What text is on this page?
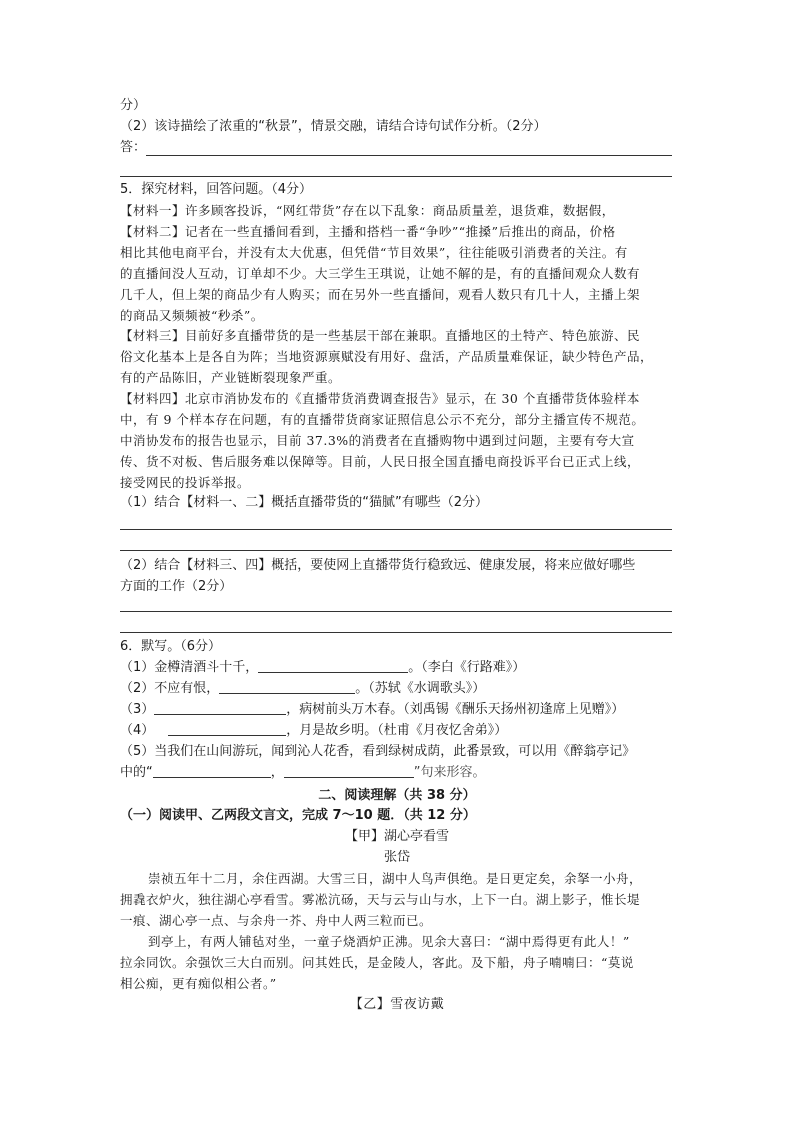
分）
（2）该诗描绘了浓重的“秋景”，情景交融，请结合诗句试作分析。（2分）
答：
5．探究材料，回答问题。（4分）
【材料一】许多顾客投诉，“网红带货”存在以下乱象：商品质量差，退货难，数据假，
【材料二】记者在一些直播间看到，主播和搭档一番“争吵”“推搡”后推出的商品，价格
相比其他电商平台，并没有太大优惠，但凭借“节目效果”，往往能吸引消费者的关注。有
的直播间没人互动，订单却不少。大三学生王琪说，让她不解的是，有的直播间观众人数有
几千人，但上架的商品少有人购买；而在另外一些直播间，观看人数只有几十人，主播上架
的商品又频频被“秒杀”。
【材料三】目前好多直播带货的是一些基层干部在兼职。直播地区的土特产、特色旅游、民
俗文化基本上是各自为阵；当地资源禀赋没有用好、盘活，产品质量难保证，缺少特色产品，
有的产品陈旧，产业链断裂现象严重。
【材料四】北京市消协发布的《直播带货消费调查报告》显示，在 30 个直播带货体验样本
中，有 9 个样本存在问题，有的直播带货商家证照信息公示不充分，部分主播宣传不规范。
中消协发布的报告也显示，目前 37.3%的消费者在直播购物中遇到过问题，主要有夸大宣
传、货不对板、售后服务难以保障等。目前，人民日报全国直播电商投诉平台已正式上线，
接受网民的投诉举报。
（1）结合【材料一、二】概括直播带货的“猫腻”有哪些（2分）
（2）结合【材料三、四】概括，要使网上直播带货行稳致远、健康发展，将来应做好哪些
方面的工作（2分）
6．默写。（6分）
（1）金樽清酒斗十千，	。（李白《行路难》）
（2）不应有恨，	。（苏轼《水调歌头》）
（3）	，病树前头万木春。（刘禹锡《酬乐天扬州初逢席上见赠》）
（4）	，月是故乡明。（杜甫《月夜忆舍弟》）
（5）当我们在山间游玩，闻到沁人花香，看到绿树成荫，此番景致，可以用《醉翁亭记》
中的“	，	”句来形容。
二、阅读理解（共 38 分）
（一）阅读甲、乙两段文言文，完成 7～10 题．（共 12 分）
【甲】湖心亭看雪
张岱
崇祯五年十二月，余住西湖。大雪三日，湖中人鸟声俱绝。是日更定矣，余拏一小舟，
拥毳衣炉火，独往湖心亭看雪。雾凇沆砀，天与云与山与水，上下一白。湖上影子，惟长堤
一痕、湖心亭一点、与余舟一芥、舟中人两三粒而已。
到亭上，有两人铺毡对坐，一童子烧酒炉正沸。见余大喜曰：“湖中焉得更有此人！”
拉余同饮。余强饮三大白而别。问其姓氏，是金陵人，客此。及下船，舟子喃喃曰：“莫说
相公痴，更有痴似相公者。”
【乙】雪夜访戴
